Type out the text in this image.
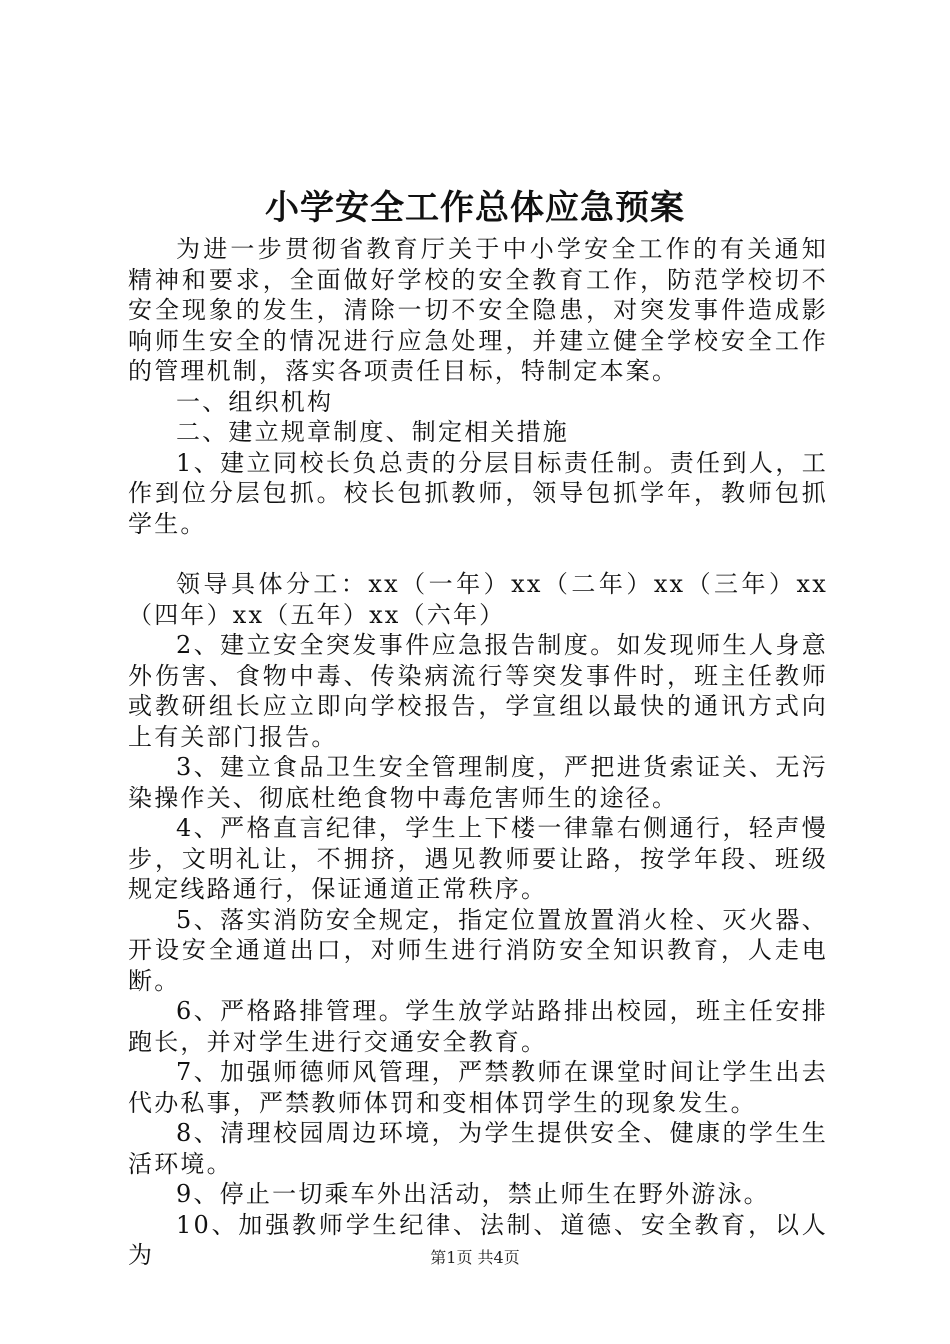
小学安全工作总体应急预案

为进一步贯彻省教育厅关于中小学安全工作的有关通知精神和要求，全面做好学校的安全教育工作，防范学校切不安全现象的发生，清除一切不安全隐患，对突发事件造成影响师生安全的情况进行应急处理，并建立健全学校安全工作的管理机制，落实各项责任目标，特制定本案。

一、组织机构

二、建立规章制度、制定相关措施

1、建立同校长负总责的分层目标责任制。责任到人，工作到位分层包抓。校长包抓教师，领导包抓学年，教师包抓学生。

领导具体分工：xx（一年）xx（二年）xx（三年）xx（四年）xx（五年）xx（六年）

2、建立安全突发事件应急报告制度。如发现师生人身意外伤害、食物中毒、传染病流行等突发事件时，班主任教师或教研组长应立即向学校报告，学宣组以最快的通讯方式向上有关部门报告。

3、建立食品卫生安全管理制度，严把进货索证关、无污染操作关、彻底杜绝食物中毒危害师生的途径。

4、严格直言纪律，学生上下楼一律靠右侧通行，轻声慢步，文明礼让，不拥挤，遇见教师要让路，按学年段、班级规定线路通行，保证通道正常秩序。

5、落实消防安全规定，指定位置放置消火栓、灭火器、开设安全通道出口，对师生进行消防安全知识教育，人走电断。

6、严格路排管理。学生放学站路排出校园，班主任安排跑长，并对学生进行交通安全教育。

7、加强师德师风管理，严禁教师在课堂时间让学生出去代办私事，严禁教师体罚和变相体罚学生的现象发生。

8、清理校园周边环境，为学生提供安全、健康的学生生活环境。

9、停止一切乘车外出活动，禁止师生在野外游泳。

10、加强教师学生纪律、法制、道德、安全教育，以人为	第1页 共4页
